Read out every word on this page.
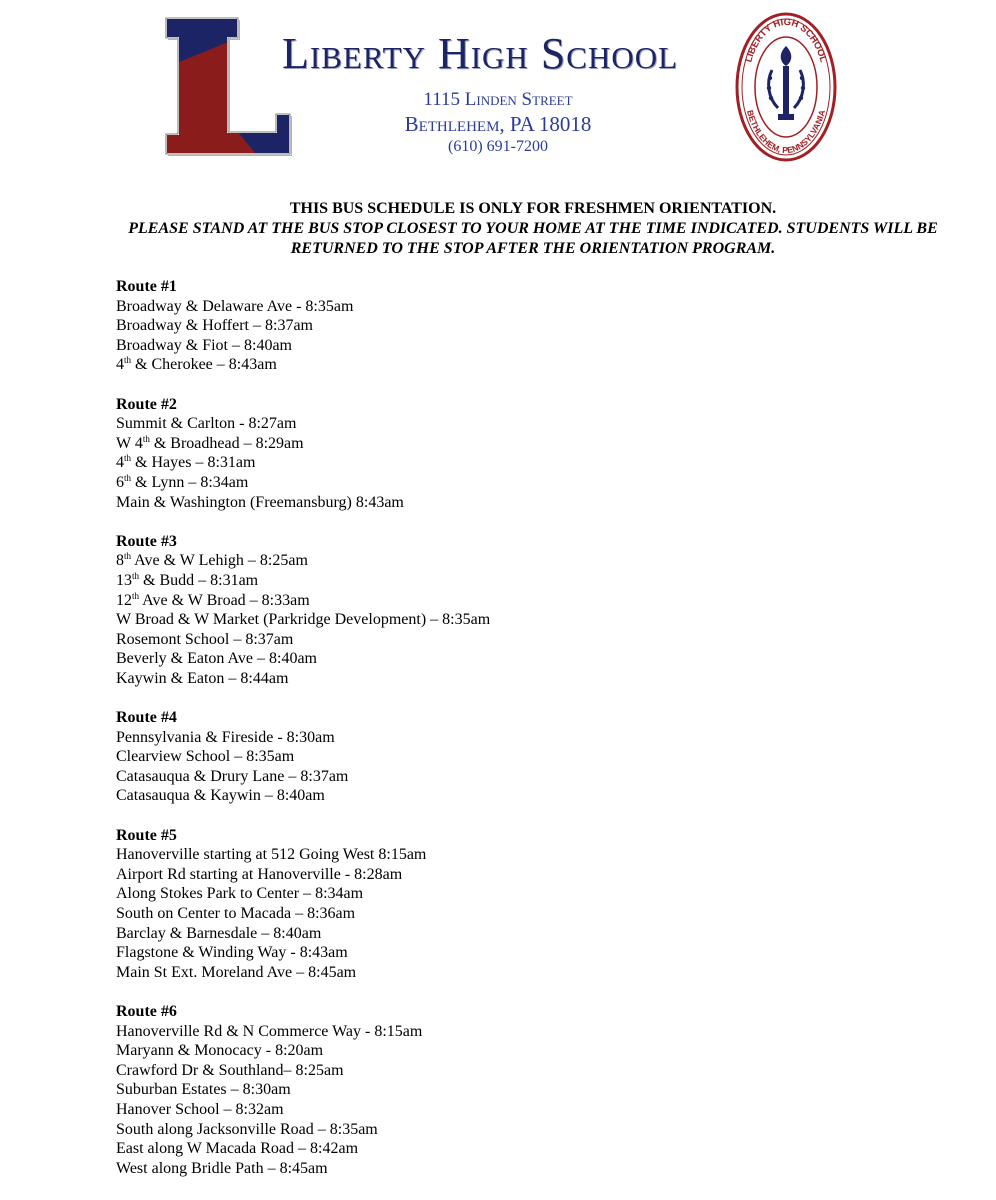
Liberty High School

1115 Linden Street

Bethlehem, PA 18018

(610) 691-7200

LIBERTY HIGH SCHOOL
BETHLEHEM, PENNSYLVANIA
THIS BUS SCHEDULE IS ONLY FOR FRESHMEN ORIENTATION.
PLEASE STAND AT THE BUS STOP CLOSEST TO YOUR HOME AT THE TIME INDICATED. STUDENTS WILL BE RETURNED TO THE STOP AFTER THE ORIENTATION PROGRAM.
Route #1
Broadway & Delaware Ave - 8:35am
Broadway & Hoffert – 8:37am
Broadway & Fiot – 8:40am
4th & Cherokee – 8:43am
Route #2
Summit & Carlton - 8:27am
W 4th & Broadhead – 8:29am
4th & Hayes – 8:31am
6th & Lynn – 8:34am
Main & Washington (Freemansburg) 8:43am
Route #3
8th Ave & W Lehigh – 8:25am
13th & Budd – 8:31am
12th Ave & W Broad – 8:33am
W Broad & W Market (Parkridge Development) – 8:35am
Rosemont School – 8:37am
Beverly & Eaton Ave – 8:40am
Kaywin & Eaton – 8:44am
Route #4
Pennsylvania & Fireside - 8:30am
Clearview School – 8:35am
Catasauqua & Drury Lane – 8:37am
Catasauqua & Kaywin – 8:40am
Route #5
Hanoverville starting at 512 Going West 8:15am
Airport Rd starting at Hanoverville - 8:28am
Along Stokes Park to Center – 8:34am
South on Center to Macada – 8:36am
Barclay & Barnesdale – 8:40am
Flagstone & Winding Way - 8:43am
Main St Ext. Moreland Ave – 8:45am
Route #6
Hanoverville Rd & N Commerce Way - 8:15am
Maryann & Monocacy - 8:20am
Crawford Dr & Southland– 8:25am
Suburban Estates – 8:30am
Hanover School – 8:32am
South along Jacksonville Road – 8:35am
East along W Macada Road – 8:42am
West along Bridle Path – 8:45am
